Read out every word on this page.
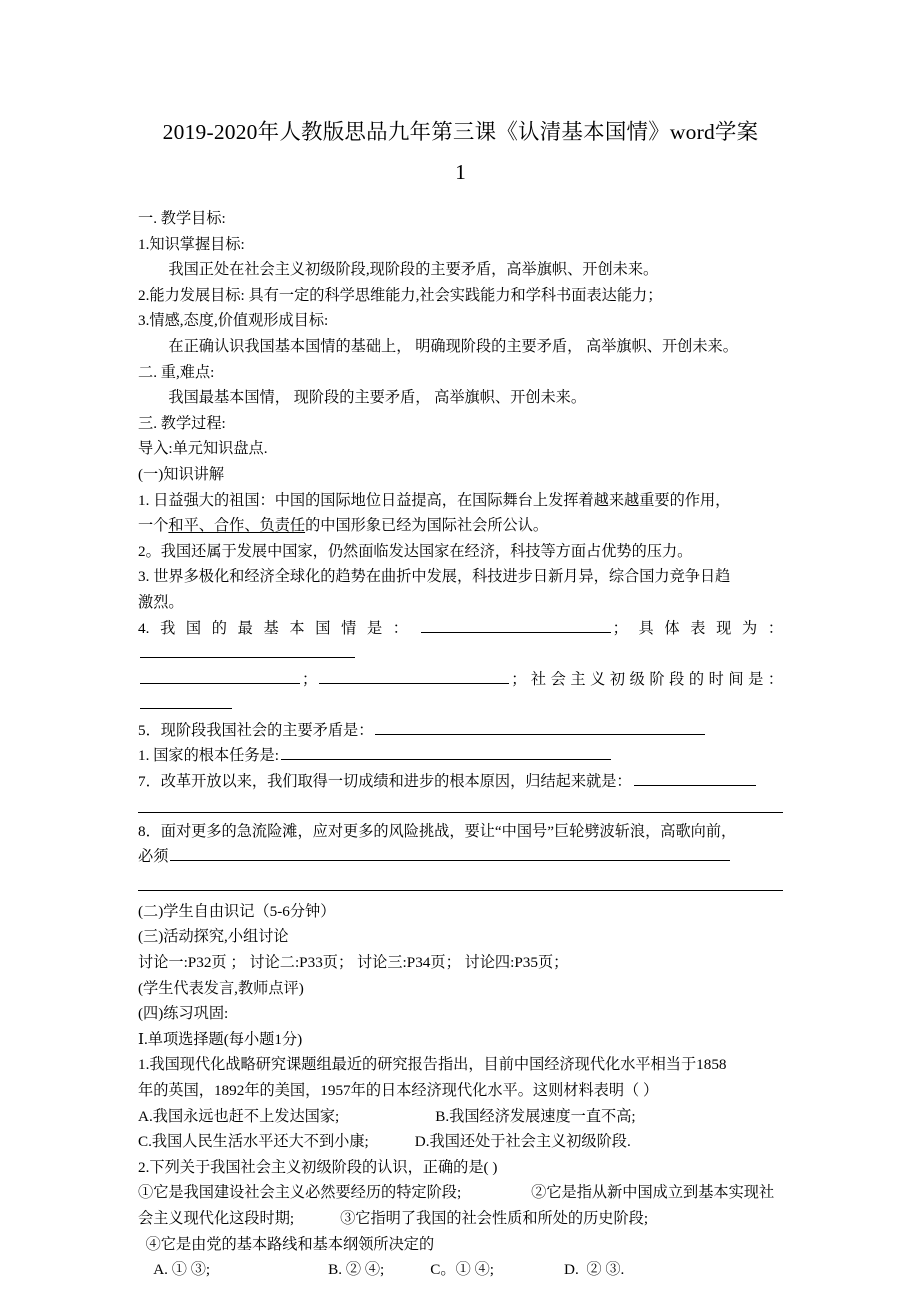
2019-2020年人教版思品九年第三课《认清基本国情》word学案
1
一. 教学目标:
1.知识掌握目标:
我国正处在社会主义初级阶段,现阶段的主要矛盾，高举旗帜、开创未来。
2.能力发展目标: 具有一定的科学思维能力,社会实践能力和学科书面表达能力；
3.情感,态度,价值观形成目标:
在正确认识我国基本国情的基础上， 明确现阶段的主要矛盾， 高举旗帜、开创未来。
二. 重,难点:
我国最基本国情， 现阶段的主要矛盾， 高举旗帜、开创未来。
三. 教学过程:
导入:单元知识盘点.
(一)知识讲解
1. 日益强大的祖国：中国的国际地位日益提高，在国际舞台上发挥着越来越重要的作用，
一个和平、合作、负责任的中国形象已经为国际社会所公认。
2。我国还属于发展中国家，仍然面临发达国家在经济，科技等方面占优势的压力。
3. 世界多极化和经济全球化的趋势在曲折中发展，科技进步日新月异，综合国力竞争日趋
激烈。
4.我国的最基本国情是：	；具体表现为：
；	；社会主义初级阶段的时间是：
5．现阶段我国社会的主要矛盾是：
1. 国家的根本任务是:
7．改革开放以来，我们取得一切成绩和进步的根本原因，归结起来就是：
8．面对更多的急流险滩，应对更多的风险挑战，要让“中国号”巨轮劈波斩浪，高歌向前，
必须
(二)学生自由识记（5-6分钟）
(三)活动探究,小组讨论
讨论一:P32页 ； 讨论二:P33页； 讨论三:P34页； 讨论四:P35页；
(学生代表发言,教师点评)
(四)练习巩固:
Ⅰ.单项选择题(每小题1分)
1.我国现代化战略研究课题组最近的研究报告指出，目前中国经济现代化水平相当于1858
年的英国，1892年的美国，1957年的日本经济现代化水平。这则材料表明（ ）
A.我国永远也赶不上发达国家;	B.我国经济发展速度一直不高;
C.我国人民生活水平还大不到小康;	D.我国还处于社会主义初级阶段.
2.下列关于我国社会主义初级阶段的认识，正确的是( )
①它是我国建设社会主义必然要经历的特定阶段;	②它是指从新中国成立到基本实现社
会主义现代化这段时期;	③它指明了我国的社会性质和所处的历史阶段;
④它是由党的基本路线和基本纲领所决定的
A. ① ③;	B. ② ④;	C。① ④;	D.  ② ③.
